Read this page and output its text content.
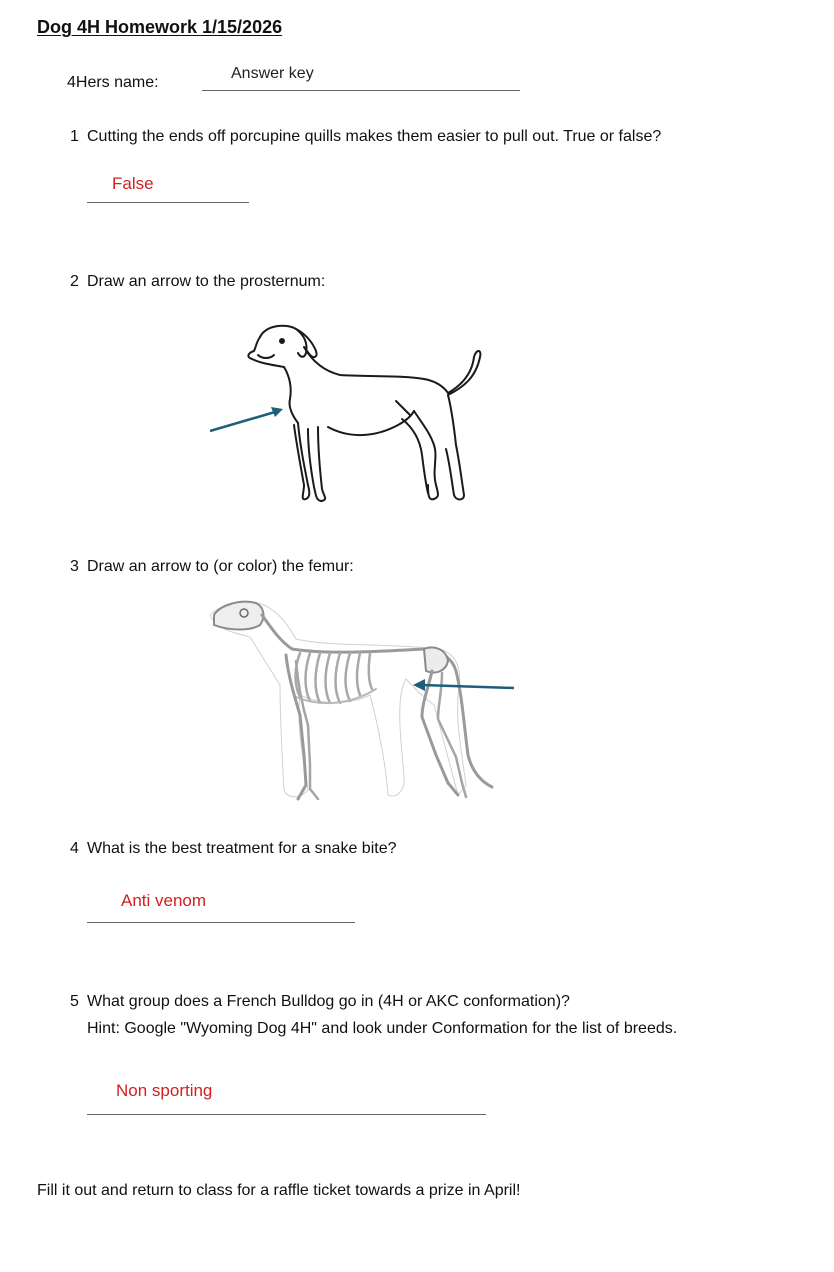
Dog 4H Homework 1/15/2026
4Hers name:
Answer key
1 Cutting the ends off porcupine quills makes them easier to pull out. True or false?
False
2 Draw an arrow to the prosternum:
3 Draw an arrow to (or color) the femur:
4 What is the best treatment for a snake bite?
Anti venom
5 What group does a French Bulldog go in (4H or AKC conformation)?
Hint: Google "Wyoming Dog 4H" and look under Conformation for the list of breeds.
Non sporting
Fill it out and return to class for a raffle ticket towards a prize in April!
